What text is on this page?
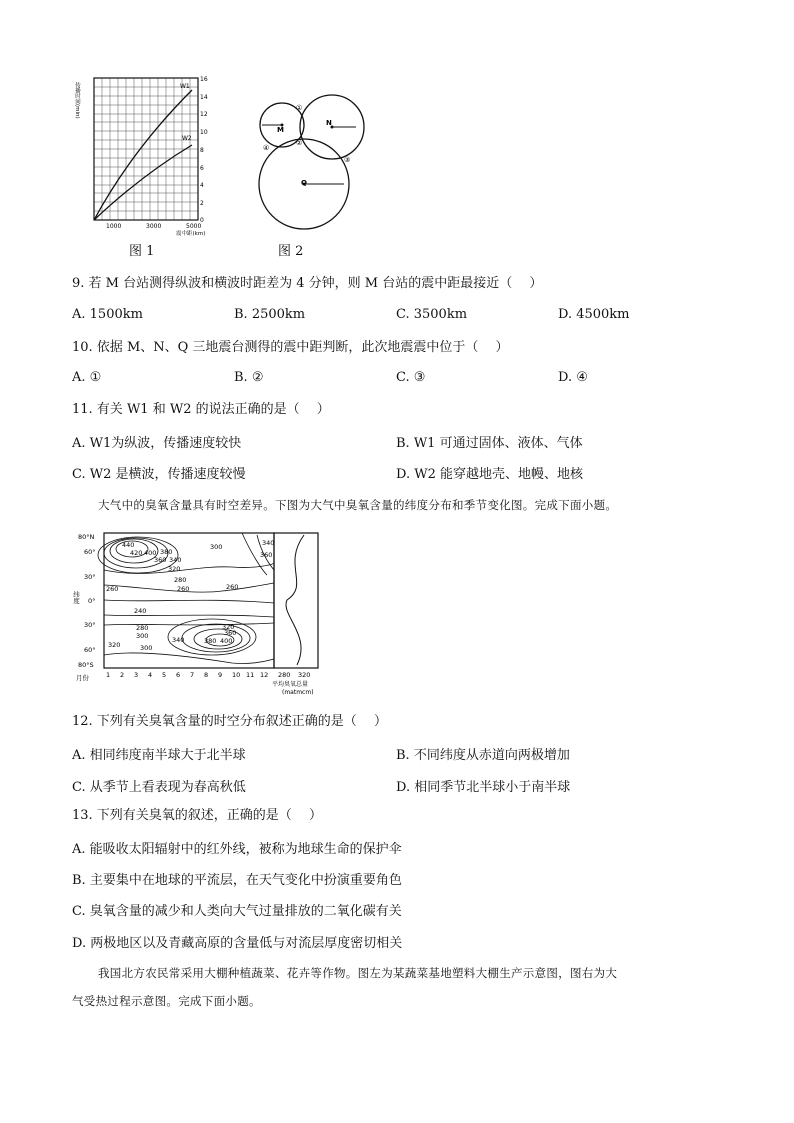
W1
W2
16
14
12
10
8
6
4
2
0
传播时间(min)
1000	3000	5000
震中距(km)
图 1
M
N
Q
①
②
③
④
图 2
9. 若 M 台站测得纵波和横波时距差为 4 分钟，则 M 台站的震中距最接近（　 ）
A. 1500km	B. 2500km	C. 3500km	D. 4500km
10. 依据 M、N、Q 三地震台测得的震中距判断，此次地震震中位于（　 ）
A. ①	B. ②	C. ③	D. ④
11. 有关 W1 和 W2 的说法正确的是（　 ）
A. W1为纵波，传播速度较快	B. W1 可通过固体、液体、气体
C. W2 是横波，传播速度较慢	D. W2 能穿越地壳、地幔、地核
大气中的臭氧含量具有时空差异。下图为大气中臭氧含量的纬度分布和季节变化图。完成下面小题。
440
420 400 380
360 340
320
300
280
260
240
260
280
300
320
340
360
380 400
260
300
320
340
360
80°N
60°
30°
0°
30°
60°
80°S
纬度
月份	1 2 3 4 5 6 7 8 9 10 11 12 280 320
平均臭氧总量
(matmcm)
12. 下列有关臭氧含量的时空分布叙述正确的是（　 ）
A. 相同纬度南半球大于北半球	B. 不同纬度从赤道向两极增加
C. 从季节上看表现为春高秋低	D. 相同季节北半球小于南半球
13. 下列有关臭氧的叙述，正确的是（　 ）
A. 能吸收太阳辐射中的红外线，被称为地球生命的保护伞
B. 主要集中在地球的平流层，在天气变化中扮演重要角色
C. 臭氧含量的减少和人类向大气过量排放的二氧化碳有关
D. 两极地区以及青藏高原的含量低与对流层厚度密切相关
我国北方农民常采用大棚种植蔬菜、花卉等作物。图左为某蔬菜基地塑料大棚生产示意图，图右为大
气受热过程示意图。完成下面小题。
